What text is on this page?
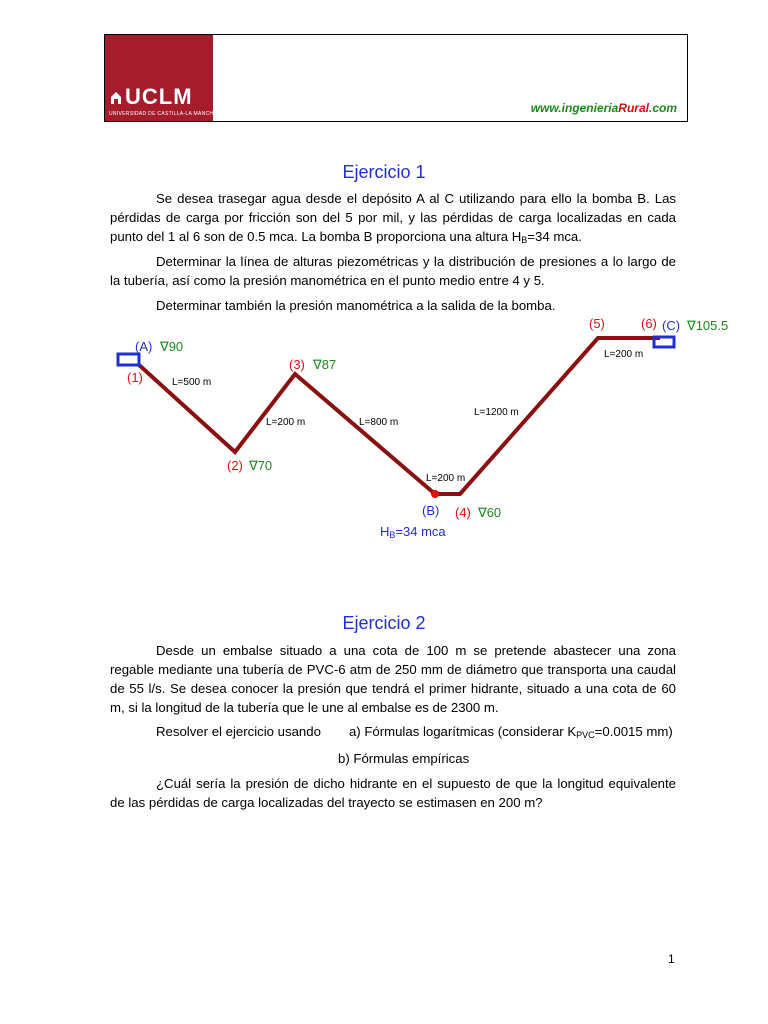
UCLM
UNIVERSIDAD DE CASTILLA-LA MANCHA	www.ingenieriaRural.com
Ejercicio 1

Se desea trasegar agua desde el depósito A al C utilizando para ello la bomba B. Las pérdidas de carga por fricción son del 5 por mil, y las pérdidas de carga localizadas en cada punto del 1 al 6 son de 0.5 mca. La bomba B proporciona una altura $H_B=34$ mca.

Determinar la línea de alturas piezométricas y la distribución de presiones a lo largo de la tubería, así como la presión manométrica en el punto medio entre 4 y 5.

Determinar también la presión manométrica a la salida de la bomba.

(A) ∇90
(1)	L=500 m
(2) ∇70
L=200 m
(3) ∇87
L=800 m
L=200 m
(B) (4) ∇60
HB=34 mca
L=1200 m
(5)	(6) (C) ∇105.5
L=200 m
Ejercicio 2

Desde un embalse situado a una cota de 100 m se pretende abastecer una zona regable mediante una tubería de PVC-6 atm de 250 mm de diámetro que transporta una caudal de 55 l/s. Se desea conocer la presión que tendrá el primer hidrante, situado a una cota de 60 m, si la longitud de la tubería que le une al embalse es de 2300 m.

Resolver el ejercicio usando a) Fórmulas logarítmicas (considerar $K_{PVC}=0.0015$ mm)

b) Fórmulas empíricas

¿Cuál sería la presión de dicho hidrante en el supuesto de que la longitud equivalente de las pérdidas de carga localizadas del trayecto se estimasen en 200 m?

1
